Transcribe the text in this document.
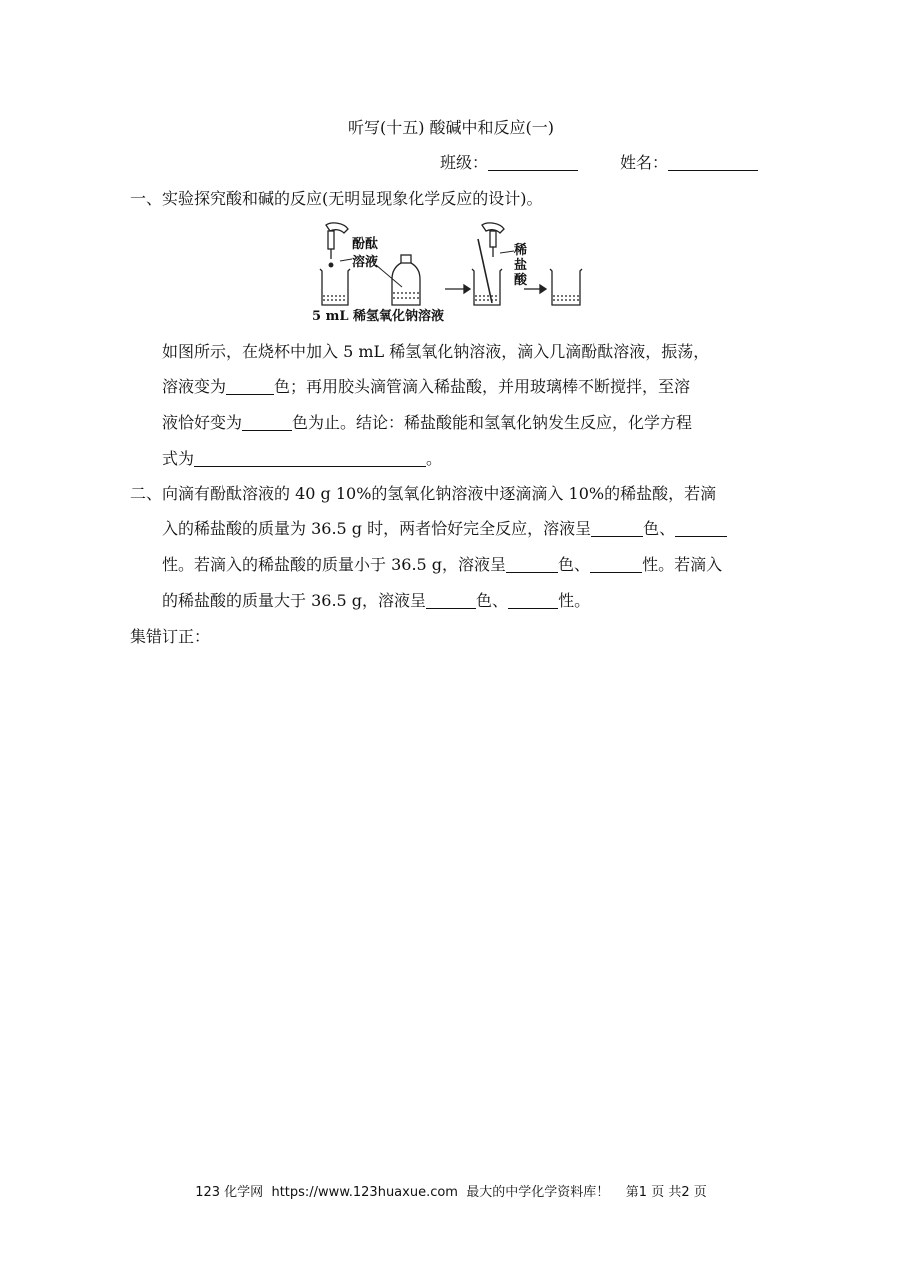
听写(十五) 酸碱中和反应(一)
班级：	姓名：
一、实验探究酸和碱的反应(无明显现象化学反应的设计)。
酚酞
溶液
稀
盐
酸
5 mL 稀氢氧化钠溶液
如图所示，在烧杯中加入 5 mL 稀氢氧化钠溶液，滴入几滴酚酞溶液，振荡，
溶液变为	色；再用胶头滴管滴入稀盐酸，并用玻璃棒不断搅拌，至溶
液恰好变为	色为止。结论：稀盐酸能和氢氧化钠发生反应，化学方程
式为	。
二、向滴有酚酞溶液的 40 g 10%的氢氧化钠溶液中逐滴滴入 10%的稀盐酸，若滴
入的稀盐酸的质量为 36.5 g 时，两者恰好完全反应，溶液呈	色、
性。若滴入的稀盐酸的质量小于 36.5 g，溶液呈	色、	性。若滴入
的稀盐酸的质量大于 36.5 g，溶液呈	色、	性。
集错订正：
123 化学网 https://www.123huaxue.com 最大的中学化学资料库！ 第1 页 共2 页
